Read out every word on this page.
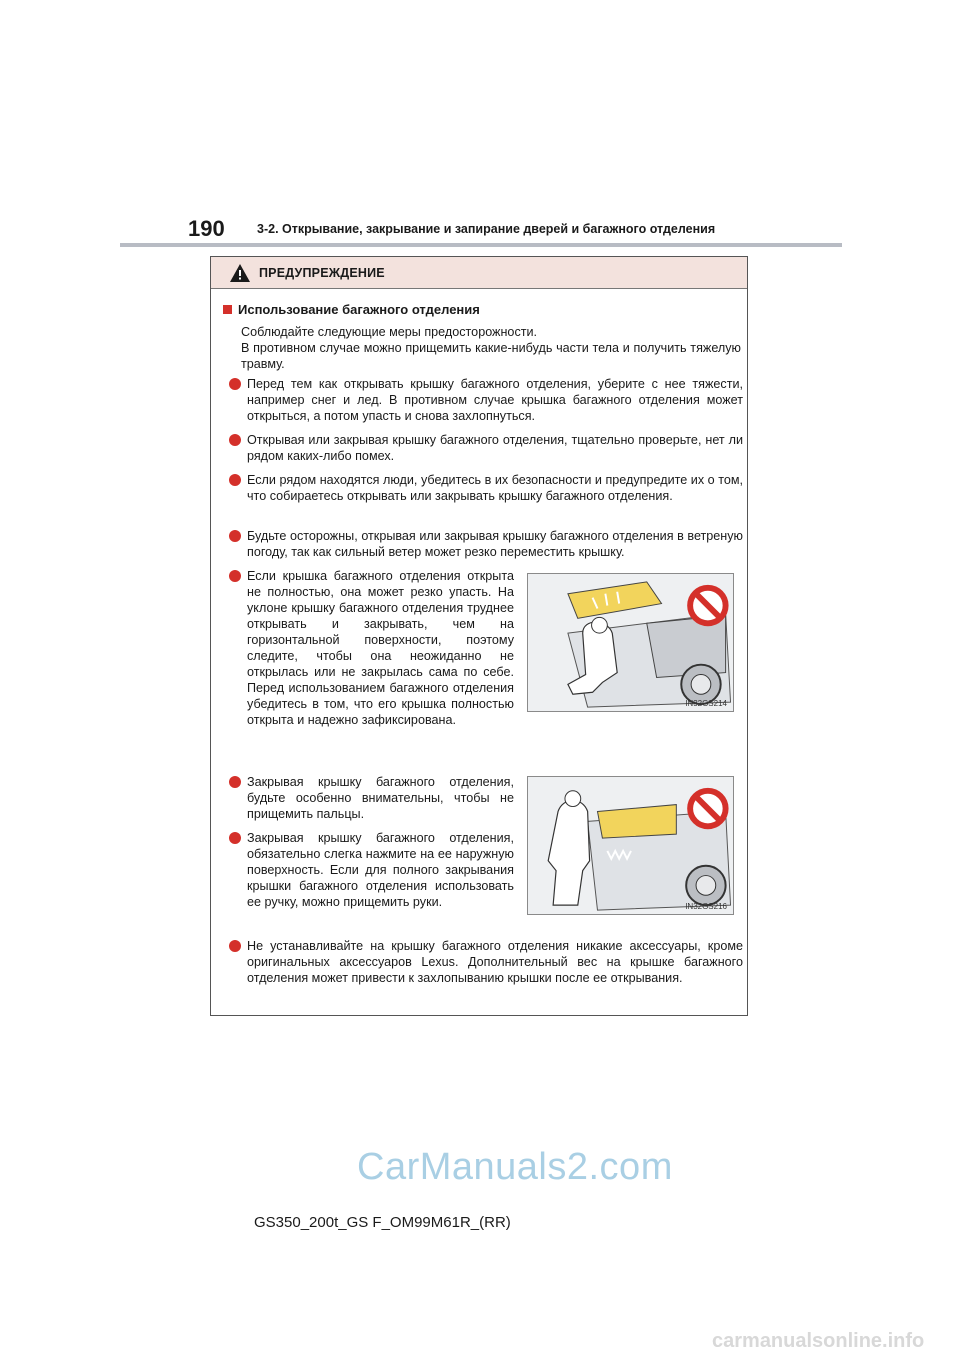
190	3-2. Открывание, закрывание и запирание дверей и багажного отделения
ПРЕДУПРЕЖДЕНИЕ
Использование багажного отделения

Соблюдайте следующие меры предосторожности.

В противном случае можно прищемить какие-нибудь части тела и получить тяжелую травму.

Перед тем как открывать крышку багажного отделения, уберите с нее тяжести, например снег и лед. В противном случае крышка багажного отделения может открыться, а потом упасть и снова захлопнуться.
Открывая или закрывая крышку багажного отделения, тщательно проверьте, нет ли рядом каких-либо помех.
Если рядом находятся люди, убедитесь в их безопасности и предупредите их о том, что собираетесь открывать или закрывать крышку багажного отделения.
Будьте осторожны, открывая или закрывая крышку багажного отделения в ветреную погоду, так как сильный ветер может резко переместить крышку.
Если крышка багажного отделения открыта не полностью, она может резко упасть. На уклоне крышку багажного отделения труднее открывать и закрывать, чем на горизонтальной поверхности, поэтому следите, чтобы она неожиданно не открылась или не закрылась сама по себе. Перед использованием багажного отделения убедитесь в том, что его крышка полностью открыта и надежно зафиксирована.
Закрывая крышку багажного отделения, будьте особенно внимательны, чтобы не прищемить пальцы.
Закрывая крышку багажного отделения, обязательно слегка нажмите на ее наружную поверхность. Если для полного закрывания крышки багажного отделения использовать ее ручку, можно прищемить руки.
Не устанавливайте на крышку багажного отделения никакие аксессуары, кроме оригинальных аксессуаров Lexus. Дополнительный вес на крышке багажного отделения может привести к захлопыванию крышки после ее открывания.
IN32GS214
IN32GS216
CarManuals2.com
GS350_200t_GS F_OM99M61R_(RR)
carmanualsonline.info
